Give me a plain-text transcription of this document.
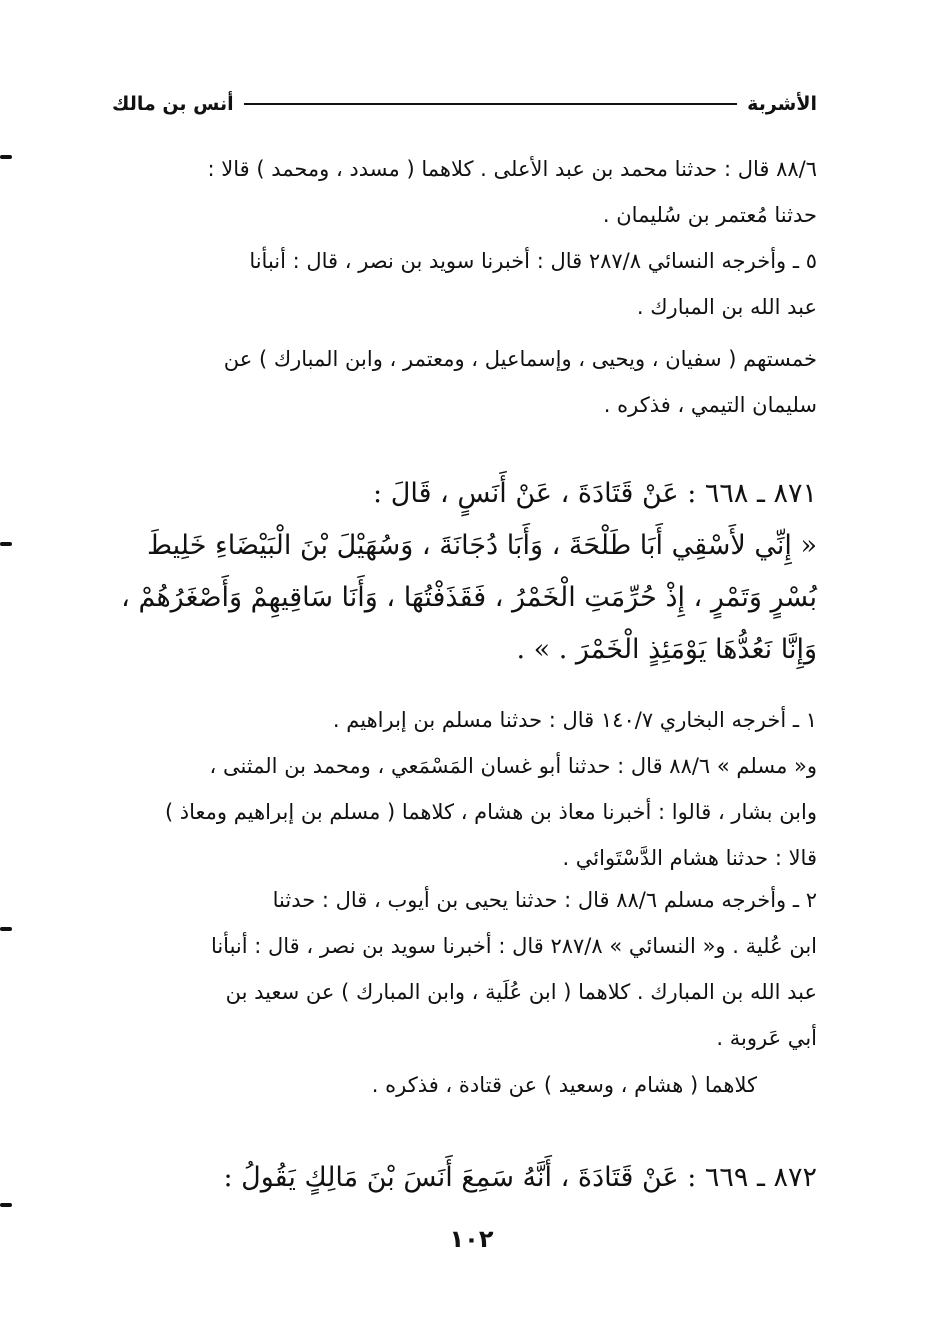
الأشربة
أنس بن مالك
٨٨/٦ قال : حدثنا محمد بن عبد الأعلى . كلاهما ( مسدد ، ومحمد ) قالا :
حدثنا مُعتمر بن سُليمان .
٥ ـ وأخرجه النسائي ٢٨٧/٨ قال : أخبرنا سويد بن نصر ، قال : أنبأنا
عبد الله بن المبارك .
خمستهم ( سفيان ، ويحيى ، وإسماعيل ، ومعتمر ، وابن المبارك ) عن
سليمان التيمي ، فذكره .
٨٧١ ـ ٦٦٨ : عَنْ قَتَادَةَ ، عَنْ أَنَسٍ ، قَالَ :
« إِنِّي لأَسْقِي أَبَا طَلْحَةَ ، وَأَبَا دُجَانَةَ ، وَسُهَيْلَ بْنَ الْبَيْضَاءِ خَلِيطَ
بُسْرٍ وَتَمْرٍ ، إِذْ حُرِّمَتِ الْخَمْرُ ، فَقَذَفْتُهَا ، وَأَنَا سَاقِيهِمْ وَأَصْغَرُهُمْ ،
وَإِنَّا نَعُدُّهَا يَوْمَئِذٍ الْخَمْرَ . » .
١ ـ أخرجه البخاري ١٤٠/٧ قال : حدثنا مسلم بن إبراهيم .
و« مسلم » ٨٨/٦ قال : حدثنا أبو غسان المَسْمَعي ، ومحمد بن المثنى ،
وابن بشار ، قالوا : أخبرنا معاذ بن هشام ، كلاهما ( مسلم بن إبراهيم ومعاذ )
قالا : حدثنا هشام الدَّسْتَوائي .
٢ ـ وأخرجه مسلم ٨٨/٦ قال : حدثنا يحيى بن أيوب ، قال : حدثنا
ابن عُلية . و« النسائي » ٢٨٧/٨ قال : أخبرنا سويد بن نصر ، قال : أنبأنا
عبد الله بن المبارك . كلاهما ( ابن عُلَية ، وابن المبارك ) عن سعيد بن
أبي عَروبة .
كلاهما ( هشام ، وسعيد ) عن قتادة ، فذكره .
٨٧٢ ـ ٦٦٩ : عَنْ قَتَادَةَ ، أَنَّهُ سَمِعَ أَنَسَ بْنَ مَالِكٍ يَقُولُ :
١٠٢
